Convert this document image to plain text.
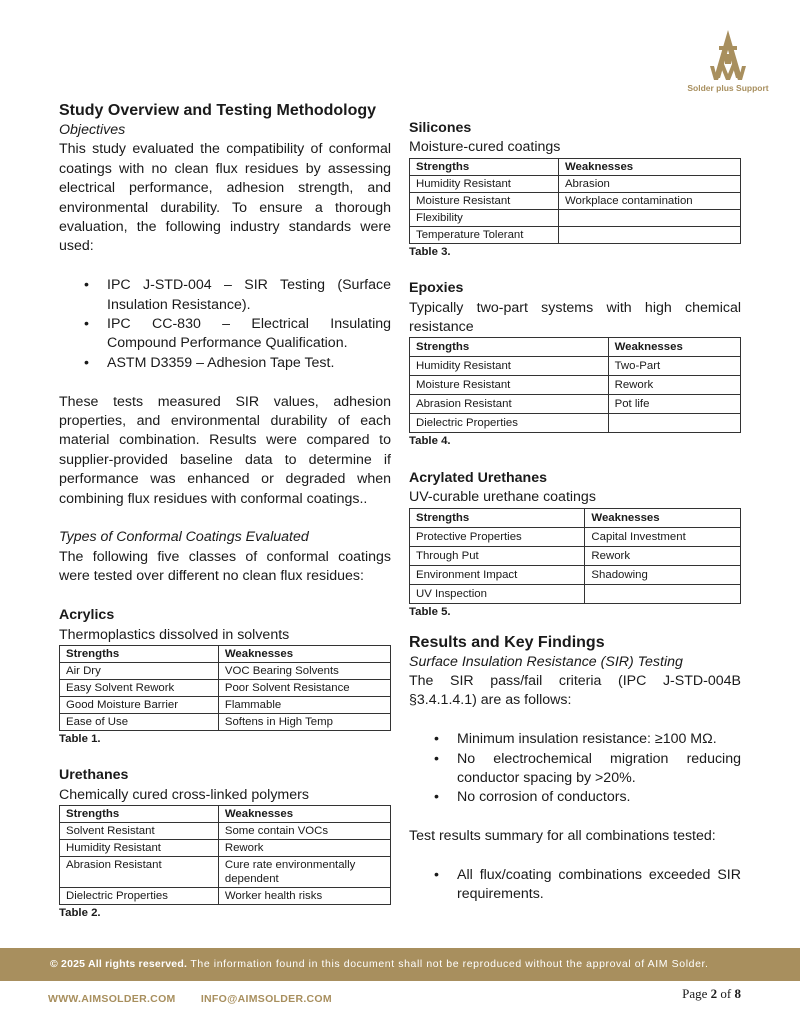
Solder plus Support

Study Overview and Testing Methodology

Objectives

This study evaluated the compatibility of conformal coatings with no clean flux residues by assessing electrical performance, adhesion strength, and environmental durability. To ensure a thorough evaluation, the following industry standards were used:

• IPC J-STD-004 – SIR Testing (Surface Insulation Resistance).
• IPC CC-830 – Electrical Insulating Compound Performance Qualification.
• ASTM D3359 – Adhesion Tape Test.

These tests measured SIR values, adhesion properties, and environmental durability of each material combination. Results were compared to supplier-provided baseline data to determine if performance was enhanced or degraded when combining flux residues with conformal coatings..

Types of Conformal Coatings Evaluated

The following five classes of conformal coatings were tested over different no clean flux residues:

Acrylics

Thermoplastics dissolved in solvents

Strengths	Weaknesses
Air Dry	VOC Bearing Solvents
Easy Solvent Rework	Poor Solvent Resistance
Good Moisture Barrier	Flammable
Ease of Use	Softens in High Temp

Table 1.

Urethanes

Chemically cured cross-linked polymers

Strengths	Weaknesses
Solvent Resistant	Some contain VOCs
Humidity Resistant	Rework
Abrasion Resistant	Cure rate environmentally dependent
Dielectric Properties	Worker health risks

Table 2.

Silicones

Moisture-cured coatings

Strengths	Weaknesses
Humidity Resistant	Abrasion
Moisture Resistant	Workplace contamination
Flexibility	
Temperature Tolerant	

Table 3.

Epoxies

Typically two-part systems with high chemical resistance

Strengths	Weaknesses
Humidity Resistant	Two-Part
Moisture Resistant	Rework
Abrasion Resistant	Pot life
Dielectric Properties	

Table 4.

Acrylated Urethanes

UV-curable urethane coatings

Strengths	Weaknesses
Protective Properties	Capital Investment
Through Put	Rework
Environment Impact	Shadowing
UV Inspection	

Table 5.

Results and Key Findings

Surface Insulation Resistance (SIR) Testing

The SIR pass/fail criteria (IPC J-STD-004B §3.4.1.4.1) are as follows:

• Minimum insulation resistance: ≥100 MΩ.
• No electrochemical migration reducing conductor spacing by >20%.
• No corrosion of conductors.

Test results summary for all combinations tested:

• All flux/coating combinations exceeded SIR requirements.
© 2025 All rights reserved. The information found in this document shall not be reproduced without the approval of AIM Solder.
WWW.AIMSOLDER.COM INFO@AIMSOLDER.COM	Page 2 of 8
